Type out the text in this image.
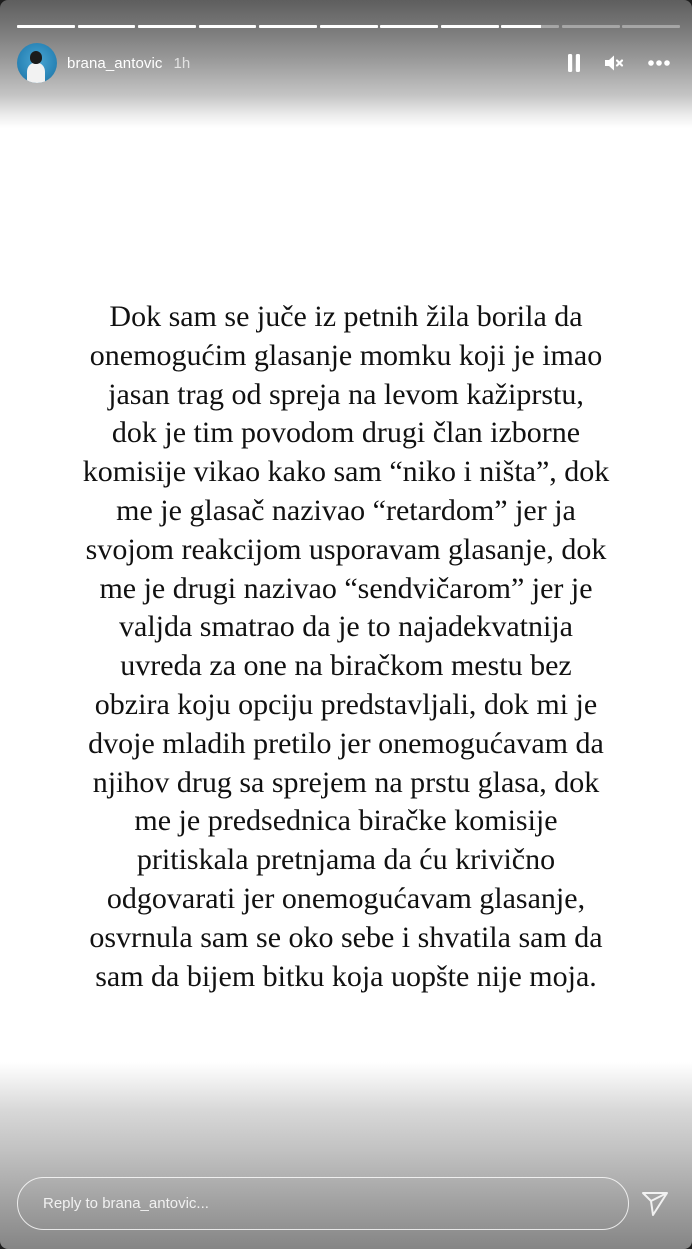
brana_antovic 1h
Dok sam se juče iz petnih žila borila da
onemogućim glasanje momku koji je imao
jasan trag od spreja na levom kažiprstu,
dok je tim povodom drugi član izborne
komisije vikao kako sam “niko i ništa”, dok
me je glasač nazivao “retardom” jer ja
svojom reakcijom usporavam glasanje, dok
me je drugi nazivao “sendvičarom” jer je
valjda smatrao da je to najadekvatnija
uvreda za one na biračkom mestu bez
obzira koju opciju predstavljali, dok mi je
dvoje mladih pretilo jer onemogućavam da
njihov drug sa sprejem na prstu glasa, dok
me je predsednica biračke komisije
pritiskala pretnjama da ću krivično
odgovarati jer onemogućavam glasanje,
osvrnula sam se oko sebe i shvatila sam da
sam da bijem bitku koja uopšte nije moja.
Reply to brana_antovic...
